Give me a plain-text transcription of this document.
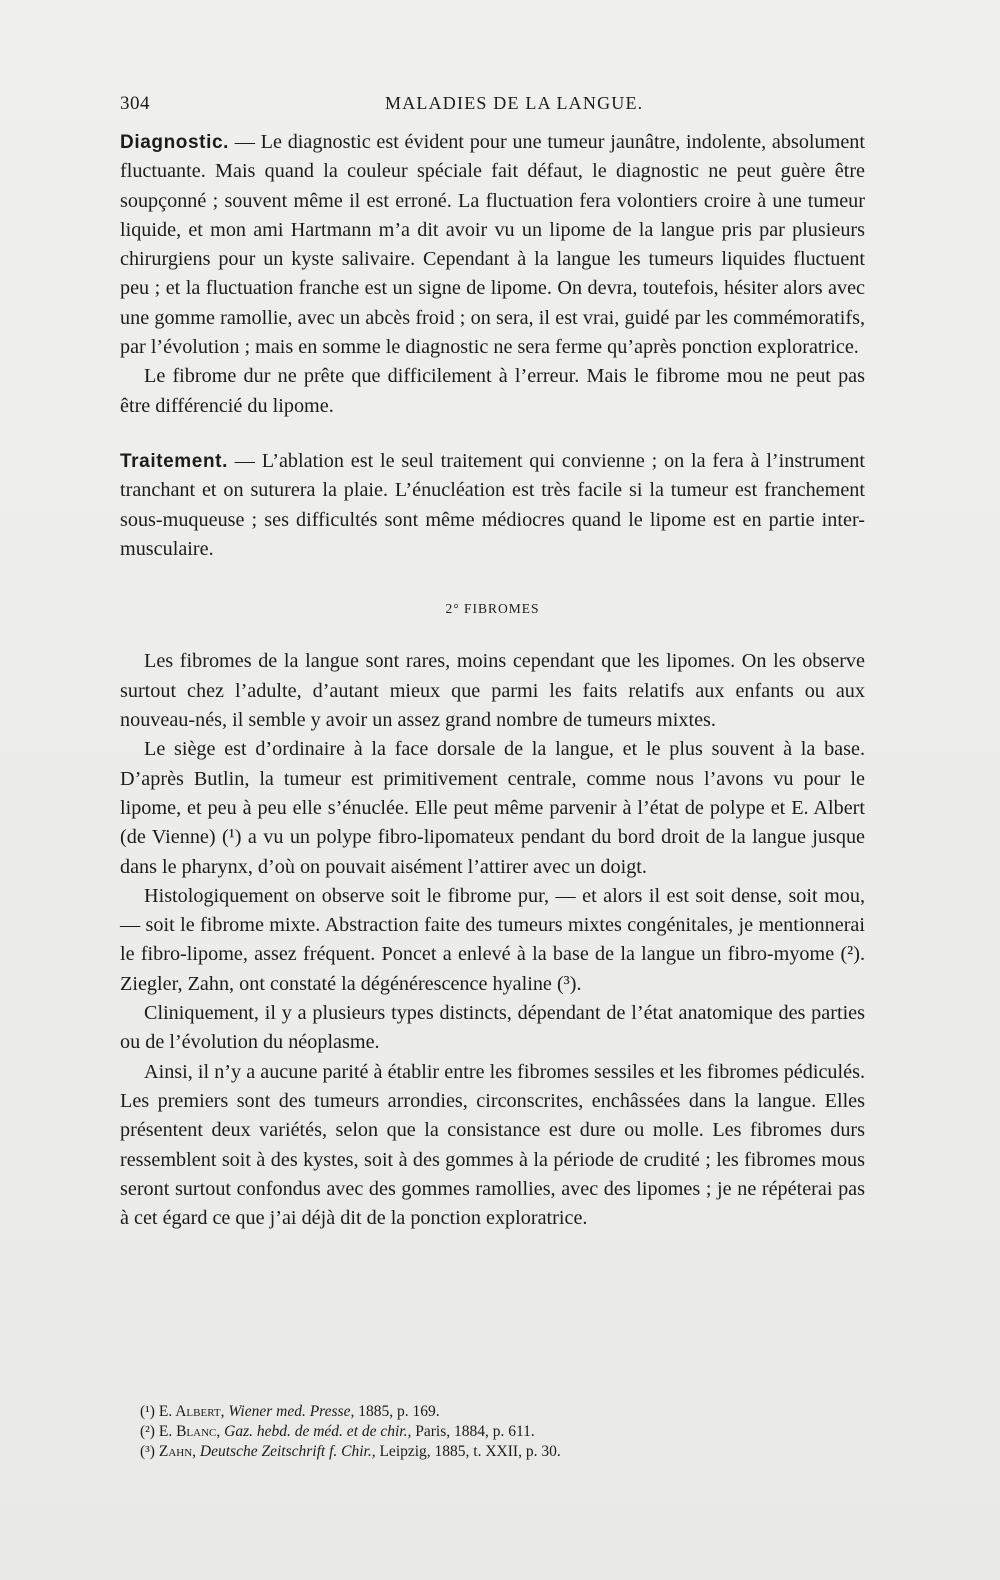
304	MALADIES DE LA LANGUE.

Diagnostic. — Le diagnostic est évident pour une tumeur jaunâtre, indolente, absolument fluctuante. Mais quand la couleur spéciale fait défaut, le diagnostic ne peut guère être soupçonné ; souvent même il est erroné. La fluctuation fera volontiers croire à une tumeur liquide, et mon ami Hartmann m’a dit avoir vu un lipome de la langue pris par plusieurs chirurgiens pour un kyste salivaire. Cependant à la langue les tumeurs liquides fluctuent peu ; et la fluctuation franche est un signe de lipome. On devra, toutefois, hésiter alors avec une gomme ramollie, avec un abcès froid ; on sera, il est vrai, guidé par les commémoratifs, par l’évolution ; mais en somme le diagnostic ne sera ferme qu’après ponction exploratrice.

Le fibrome dur ne prête que difficilement à l’erreur. Mais le fibrome mou ne peut pas être différencié du lipome.

Traitement. — L’ablation est le seul traitement qui convienne ; on la fera à l’instrument tranchant et on suturera la plaie. L’énucléation est très facile si la tumeur est franchement sous-muqueuse ; ses difficultés sont même médiocres quand le lipome est en partie inter-musculaire.

2° FIBROMES

Les fibromes de la langue sont rares, moins cependant que les lipomes. On les observe surtout chez l’adulte, d’autant mieux que parmi les faits relatifs aux enfants ou aux nouveau-nés, il semble y avoir un assez grand nombre de tumeurs mixtes.

Le siège est d’ordinaire à la face dorsale de la langue, et le plus souvent à la base. D’après Butlin, la tumeur est primitivement centrale, comme nous l’avons vu pour le lipome, et peu à peu elle s’énuclée. Elle peut même parvenir à l’état de polype et E. Albert (de Vienne) (¹) a vu un polype fibro-lipomateux pendant du bord droit de la langue jusque dans le pharynx, d’où on pouvait aisément l’attirer avec un doigt.

Histologiquement on observe soit le fibrome pur, — et alors il est soit dense, soit mou, — soit le fibrome mixte. Abstraction faite des tumeurs mixtes congénitales, je mentionnerai le fibro-lipome, assez fréquent. Poncet a enlevé à la base de la langue un fibro-myome (²). Ziegler, Zahn, ont constaté la dégénérescence hyaline (³).

Cliniquement, il y a plusieurs types distincts, dépendant de l’état anatomique des parties ou de l’évolution du néoplasme.

Ainsi, il n’y a aucune parité à établir entre les fibromes sessiles et les fibromes pédiculés. Les premiers sont des tumeurs arrondies, circonscrites, enchâssées dans la langue. Elles présentent deux variétés, selon que la consistance est dure ou molle. Les fibromes durs ressemblent soit à des kystes, soit à des gommes à la période de crudité ; les fibromes mous seront surtout confondus avec des gommes ramollies, avec des lipomes ; je ne répéterai pas à cet égard ce que j’ai déjà dit de la ponction exploratrice.

(¹) E. Albert, Wiener med. Presse, 1885, p. 169.
(²) E. Blanc, Gaz. hebd. de méd. et de chir., Paris, 1884, p. 611.
(³) Zahn, Deutsche Zeitschrift f. Chir., Leipzig, 1885, t. XXII, p. 30.
